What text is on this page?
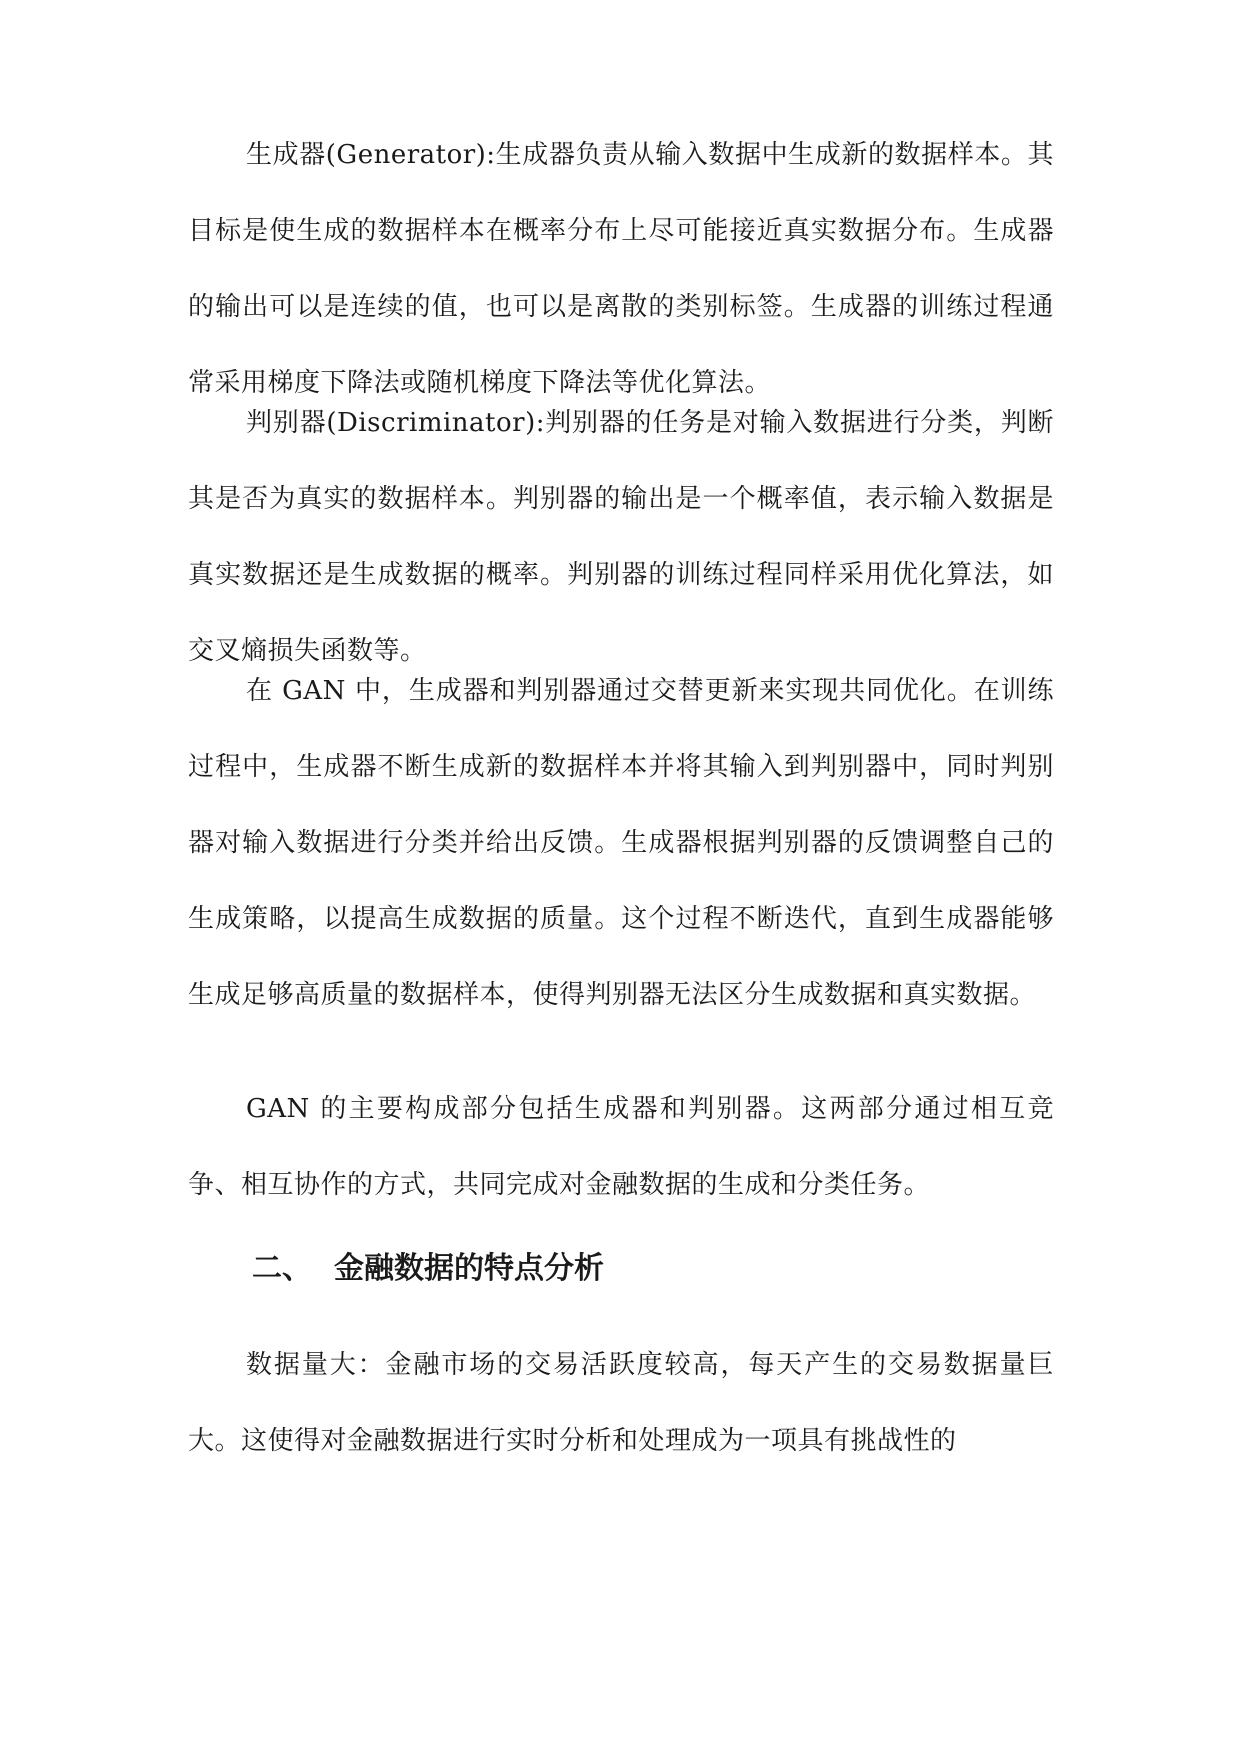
生成器(Generator):生成器负责从输入数据中生成新的数据样本。其目标是使生成的数据样本在概率分布上尽可能接近真实数据分布。生成器的输出可以是连续的值，也可以是离散的类别标签。生成器的训练过程通常采用梯度下降法或随机梯度下降法等优化算法。

判别器(Discriminator):判别器的任务是对输入数据进行分类，判断其是否为真实的数据样本。判别器的输出是一个概率值，表示输入数据是真实数据还是生成数据的概率。判别器的训练过程同样采用优化算法，如交叉熵损失函数等。

在 GAN 中，生成器和判别器通过交替更新来实现共同优化。在训练过程中，生成器不断生成新的数据样本并将其输入到判别器中，同时判别器对输入数据进行分类并给出反馈。生成器根据判别器的反馈调整自己的生成策略，以提高生成数据的质量。这个过程不断迭代，直到生成器能够生成足够高质量的数据样本，使得判别器无法区分生成数据和真实数据。

GAN 的主要构成部分包括生成器和判别器。这两部分通过相互竞争、相互协作的方式，共同完成对金融数据的生成和分类任务。

二、 金融数据的特点分析

数据量大：金融市场的交易活跃度较高，每天产生的交易数据量巨大。这使得对金融数据进行实时分析和处理成为一项具有挑战性的
